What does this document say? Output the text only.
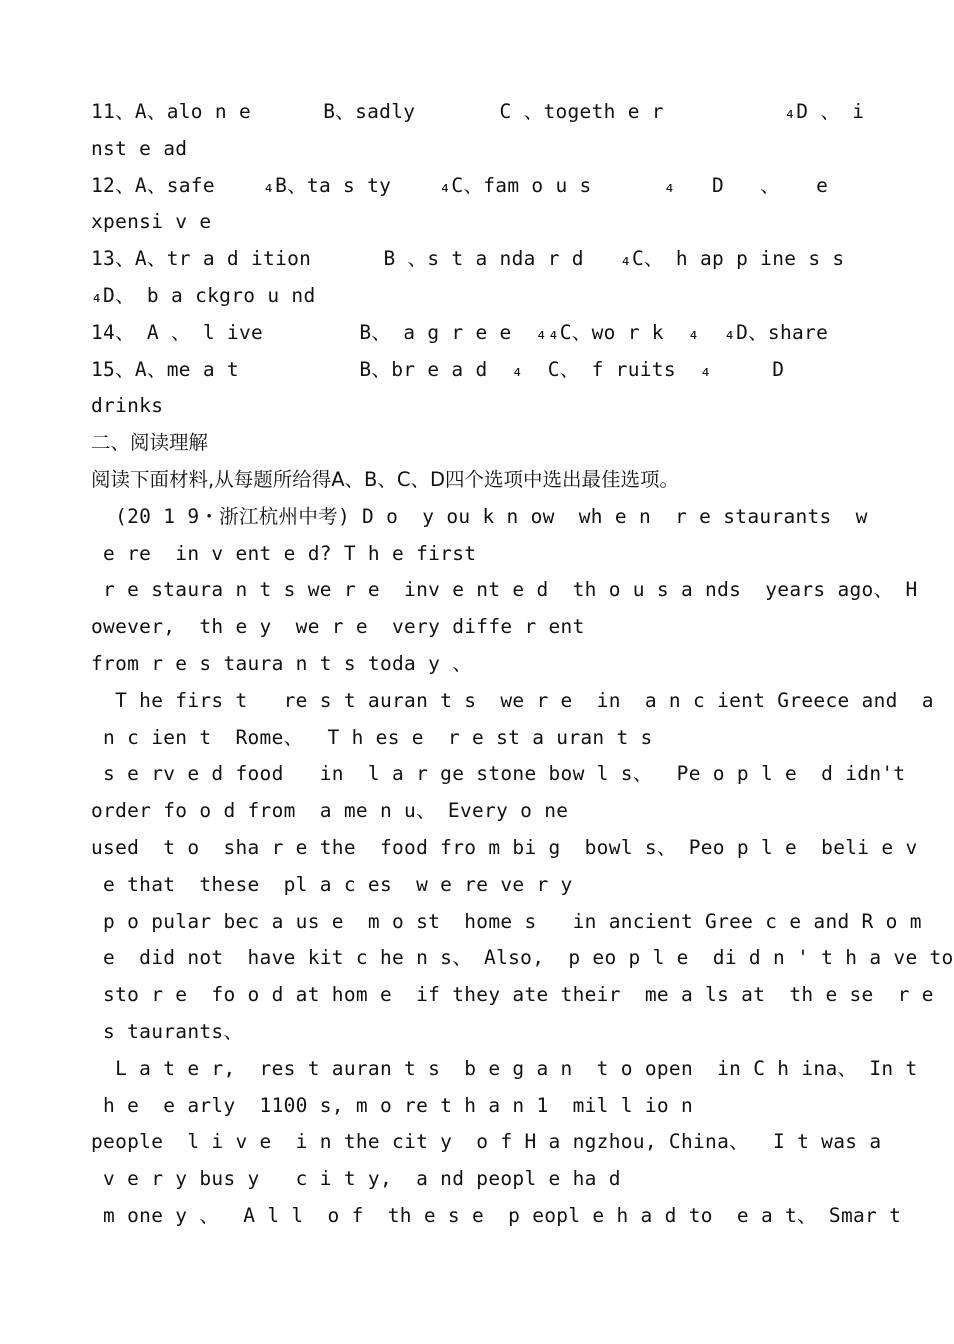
11、A、alo n e      B、sadly       C 、togeth e r          ₄D 、 i
nst e ad
12、A、safe    ₄B、ta s ty    ₄C、fam o u s      ₄   D   、   e
xpensi v e
13、A、tr a d ition      B 、s t a nda r d   ₄C、 h ap p ine s s
₄D、 b a ckgro u nd
14、 A 、 l ive        B、 a g r e e  ₄₄C、wo r k  ₄  ₄D、share
15、A、me a t          B、br e a d  ₄  C、 f ruits  ₄     D
drinks
二、阅读理解
阅读下面材料,从每题所给得A、B、C、D四个选项中选出最佳选项。
(20 1 9・浙江杭州中考) D o  y ou k n ow  wh e n  r e staurants  w
e re  in v ent e d? T h e first
r e staura n t s we r e  inv e nt e d  th o u s a nds  years ago、 H
owever,  th e y  we r e  very diffe r ent
from r e s taura n t s toda y 、
T he firs t   re s t auran t s  we r e  in  a n c ient Greece and  a
n c ien t  Rome、  T h es e  r e st a uran t s
s e rv e d food   in  l a r ge stone bow l s、  Pe o p l e  d idn't
order fo o d from  a me n u、 Every o ne
used  t o  sha r e the  food fro m bi g  bowl s、 Peo p l e  beli e v
e that  these  pl a c es  w e re ve r y
p o pular bec a us e  m o st  home s   in ancient Gree c e and R o m
e  did not  have kit c he n s、 Also,  p eo p l e  di d n ' t h a ve to
sto r e  fo o d at hom e  if they ate their  me a ls at  th e se  r e
s taurants、
L a t e r,  res t auran t s  b e g a n  t o open  in C h ina、 In t
h e  e arly  1100 s, m o re t h a n 1  mil l io n
people  l i v e  i n the cit y  o f H a ngzhou, China、  I t was a
v e r y bus y   c i t y,  a nd peopl e ha d
m one y 、  A l l  o f  th e s e  p eopl e h a d to  e a t、 Smar t
